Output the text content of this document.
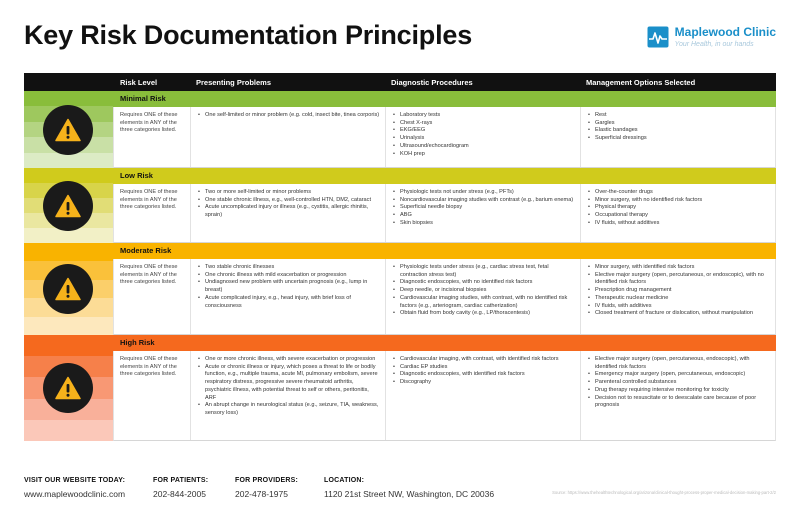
Key Risk Documentation Principles	Maplewood Clinic
Your Health, in our hands
Risk Level	Presenting Problems	Diagnostic Procedures	Management Options Selected
Minimal Risk
Requires ONE of these elements in ANY of the three categories listed.
• One self-limited or minor problem (e.g. cold, insect bite, tinea corporis)
•	Laboratory tests
• Chest X-rays
• EKG/EEG
• Urinalysis
• Ultrasound/echocardiogram
• KOH prep
• Rest
• Gargles
• Elastic bandages
• Superficial dressings
Low Risk
Requires ONE of these elements in ANY of the three categories listed.
• Two or more self-limited or minor problems
• One stable chronic illness, e.g., well-controlled HTN, DM2, cataract
• Acute uncomplicated injury or illness (e.g., cystitis, allergic rhinitis, sprain)
• Physiologic tests not under stress (e.g., PFTs)
• Noncardiovascular imaging studies with contrast (e.g., barium enema)
• Superficial needle biopsy
• ABG
• Skin biopsies
• Over-the-counter drugs
• Minor surgery, with no identified risk factors
• Physical therapy
• Occupational therapy
• IV fluids, without additives
Moderate Risk
Requires ONE of these elements in ANY of the three categories listed.
• Two stable chronic illnesses
• One chronic illness with mild exacerbation or progression
• Undiagnosed new problem with uncertain prognosis (e.g., lump in breast)
• Acute complicated injury, e.g., head injury, with brief loss of consciousness
• Physiologic tests under stress (e.g., cardiac stress test, fetal contraction stress test)
• Diagnostic endoscopies, with no identified risk factors
• Deep needle, or incisional biopsies
• Cardiovascular imaging studies, with contrast, with no identified risk factors (e.g., arteriogram, cardiac catherization)
• Obtain fluid from body cavity (e.g., LP/thoracentesis)
• Minor surgery, with identified risk factors
• Elective major surgery (open, percutaneous, or endoscopic), with no identified risk factors
• Prescription drug management
• Therapeutic nuclear medicine
• IV fluids, with additives
• Closed treatment of fracture or dislocation, without manipulation
High Risk
Requires ONE of these elements in ANY of the three categories listed.
• One or more chronic illness, with severe exacerbation or progression
• Acute or chronic illness or injury, which poses a threat to life or bodily function, e.g., multiple trauma, acute MI, pulmonary embolism, severe respiratory distress, progressive severe rheumatoid arthritis, psychiatric illness, with potential threat to self or others, peritonitis, ARF
• An abrupt change in neurological status (e.g., seizure, TIA, weakness, sensory loss)
• Cardiovascular imaging, with contrast, with identified risk factors
• Cardiac EP studies
• Diagnostic endoscopies, with identified risk factors
• Discography
• Elective major surgery (open, percutaneous, endoscopic), with identified risk factors
• Emergency major surgery (open, percutaneous, endoscopic)
• Parenteral controlled substances
• Drug therapy requiring intensive monitoring for toxicity
• Decision not to resuscitate or to deescalate care because of poor prognosis
VISIT OUR WEBSITE TODAY:
www.maplewoodclinic.com
FOR PATIENTS:
202-844-2005
FOR PROVIDERS:
202-478-1975
LOCATION:
1120 21st Street NW, Washington, DC 20036	Source: https://www.thehealthtechnological.org/arizona/clinical-thought-process-proper-medical-decision-making-part-2/2
